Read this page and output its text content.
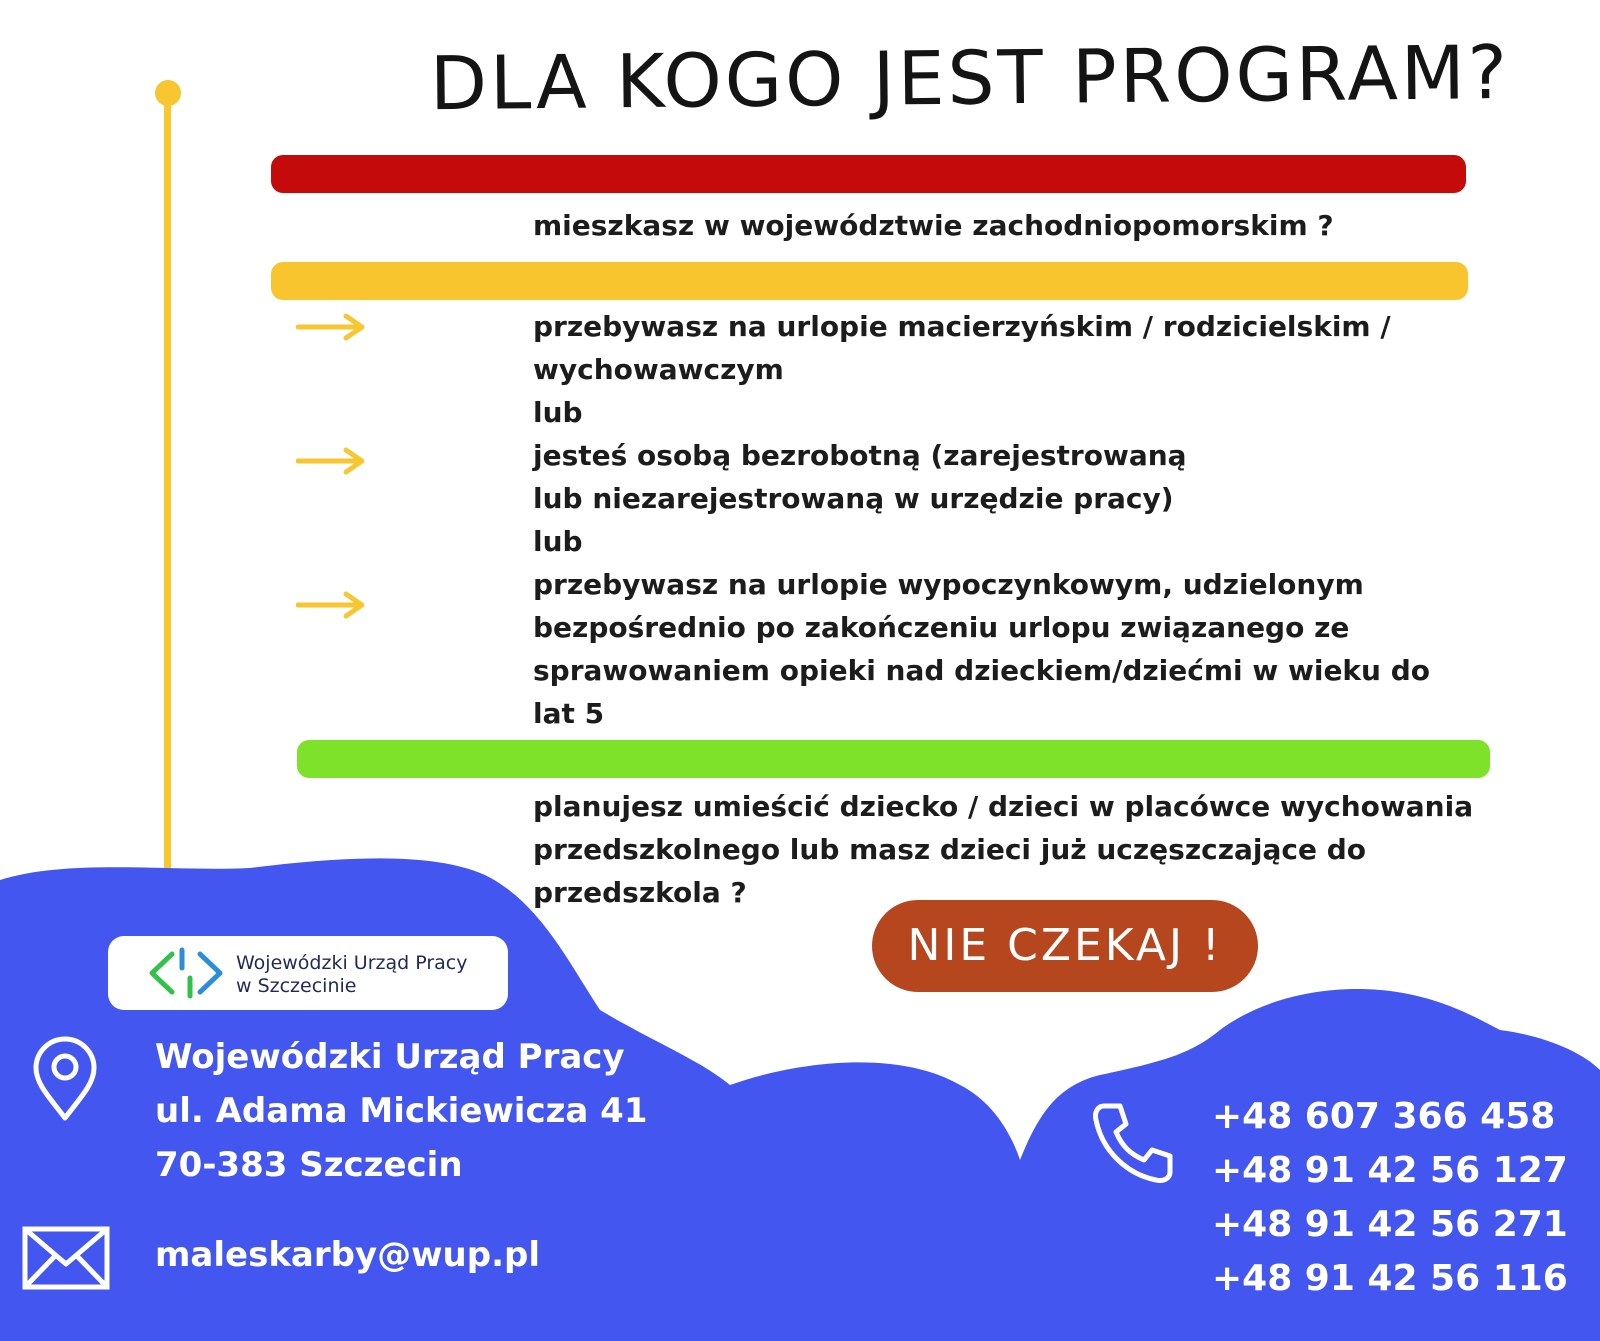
DLA KOGO JEST PROGRAM?

mieszkasz w województwie zachodniopomorskim ?

przebywasz na urlopie macierzyńskim / rodzicielskim /

wychowawczym

lub

jesteś osobą bezrobotną (zarejestrowaną

lub niezarejestrowaną w urzędzie pracy)

lub

przebywasz na urlopie wypoczynkowym, udzielonym

bezpośrednio po zakończeniu urlopu związanego ze

sprawowaniem opieki nad dzieckiem/dziećmi w wieku do

lat 5

planujesz umieścić dziecko / dzieci w placówce wychowania

przedszkolnego lub masz dzieci już uczęszczające do

przedszkola ?

NIE CZEKAJ !
Wojewódzki Urząd Pracy
w Szczecinie
Wojewódzki Urząd Pracy
ul. Adama Mickiewicza 41
70-383 Szczecin
maleskarby@wup.pl
+48 607 366 458
+48 91 42 56 127
+48 91 42 56 271
+48 91 42 56 116
